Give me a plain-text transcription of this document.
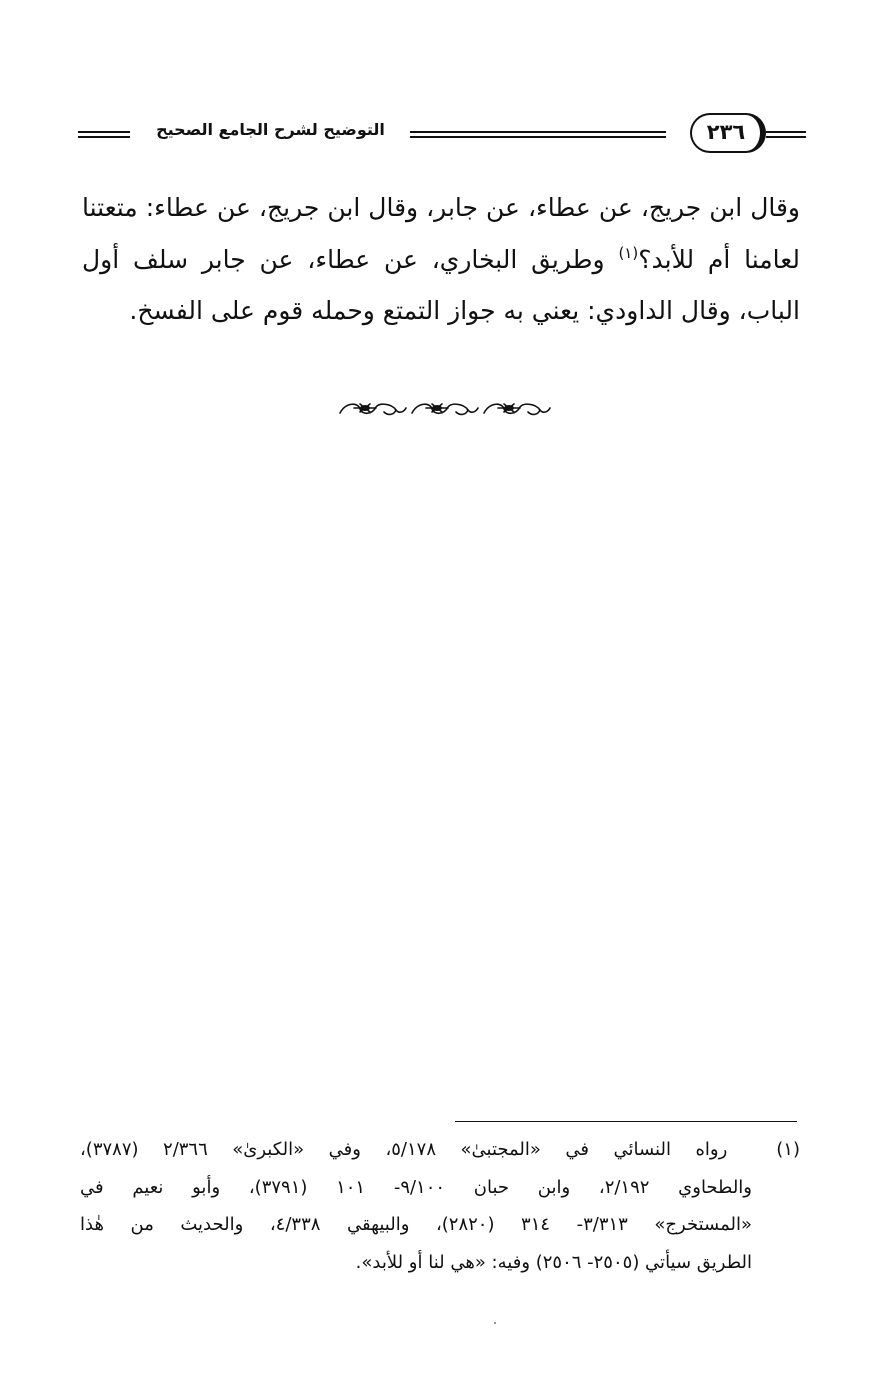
التوضيح لشرح الجامع الصحيح	٢٣٦
وقال ابن جريج، عن عطاء، عن جابر، وقال ابن جريج، عن عطاء: متعتنا لعامنا أم للأبد؟$^{(١)}$ وطريق البخاري، عن عطاء، عن جابر سلف أول الباب، وقال الداودي: يعني به جواز التمتع وحمله قوم على الفسخ.
(١)  رواه النسائي في «المجتبىٰ» ٥/١٧٨، وفي «الكبرىٰ» ٢/٣٦٦ (٣٧٨٧)،
والطحاوي ٢/١٩٢، وابن حبان ٩/١٠٠- ١٠١ (٣٧٩١)، وأبو نعيم في
«المستخرج» ٣/٣١٣- ٣١٤ (٢٨٢٠)، والبيهقي ٤/٣٣٨، والحديث من هٰذا
الطريق سيأتي (٢٥٠٥- ٢٥٠٦) وفيه: «هي لنا أو للأبد».
